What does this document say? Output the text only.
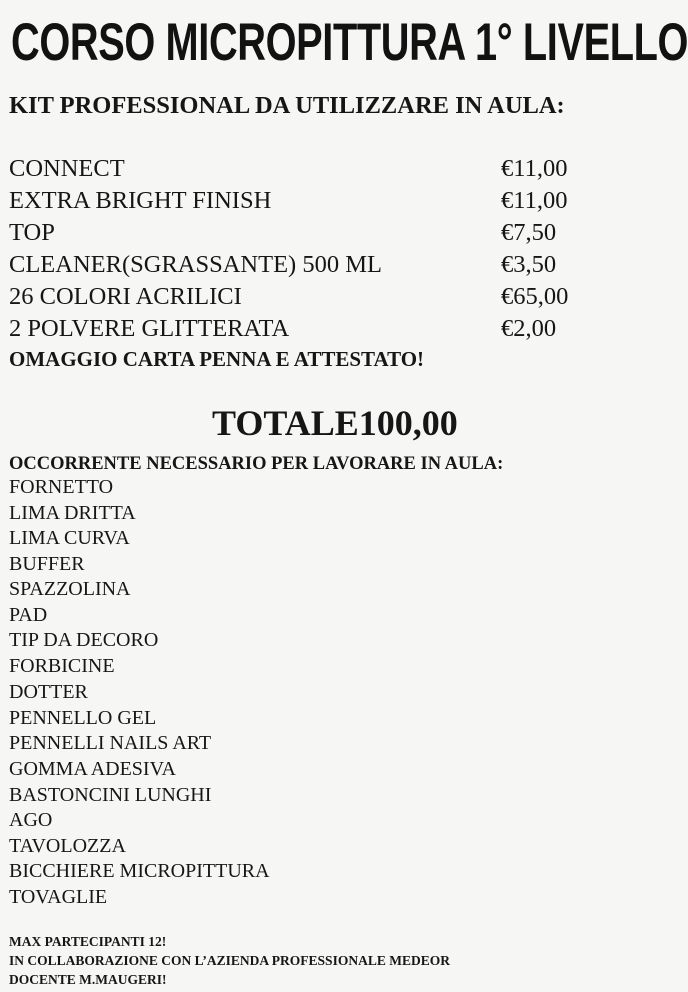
CORSO MICROPITTURA 1° LIVELLO
KIT PROFESSIONAL DA UTILIZZARE IN AULA:
CONNECT	€11,00
EXTRA BRIGHT FINISH	€11,00
TOP	€7,50
CLEANER(SGRASSANTE) 500 ML	€3,50
26 COLORI ACRILICI	€65,00
2 POLVERE GLITTERATA	€2,00
OMAGGIO CARTA PENNA E ATTESTATO!
TOTALE100,00
OCCORRENTE NECESSARIO PER LAVORARE IN AULA:
FORNETTO
LIMA DRITTA
LIMA CURVA
BUFFER
SPAZZOLINA
PAD
TIP DA DECORO
FORBICINE
DOTTER
PENNELLO GEL
PENNELLI NAILS ART
GOMMA ADESIVA
BASTONCINI LUNGHI
AGO
TAVOLOZZA
BICCHIERE MICROPITTURA
TOVAGLIE
MAX PARTECIPANTI 12!
IN COLLABORAZIONE CON L’AZIENDA PROFESSIONALE MEDEOR
DOCENTE M.MAUGERI!
